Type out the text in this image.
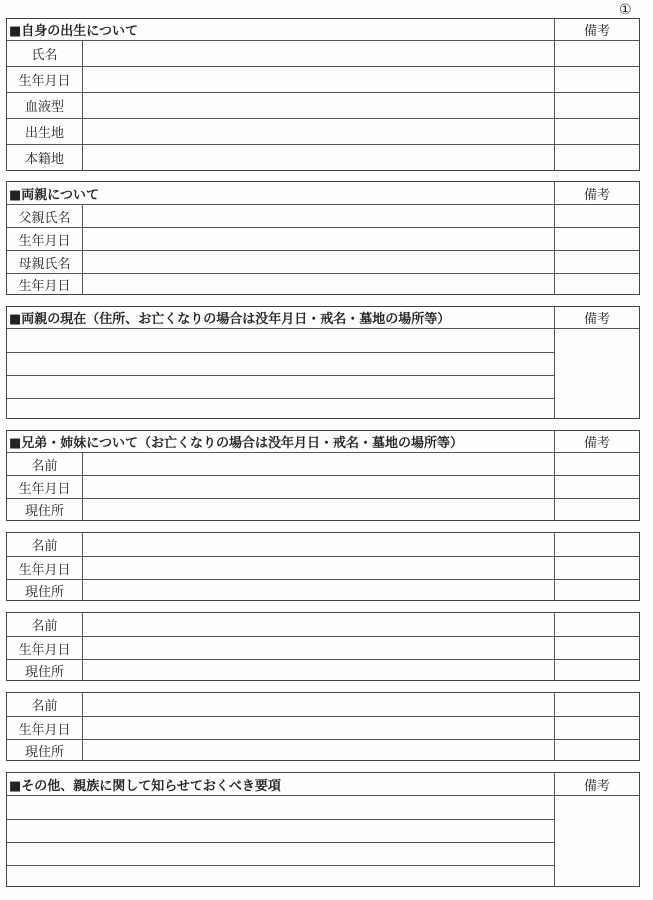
①
■自身の出生について	備考
氏名
生年月日
血液型
出生地
本籍地
■両親について	備考
父親氏名
生年月日
母親氏名
生年月日
■両親の現在（住所、お亡くなりの場合は没年月日・戒名・墓地の場所等）	備考
■兄弟・姉妹について（お亡くなりの場合は没年月日・戒名・墓地の場所等）	備考
名前
生年月日
現住所
名前
生年月日
現住所
名前
生年月日
現住所
名前
生年月日
現住所
■その他、親族に関して知らせておくべき要項	備考
